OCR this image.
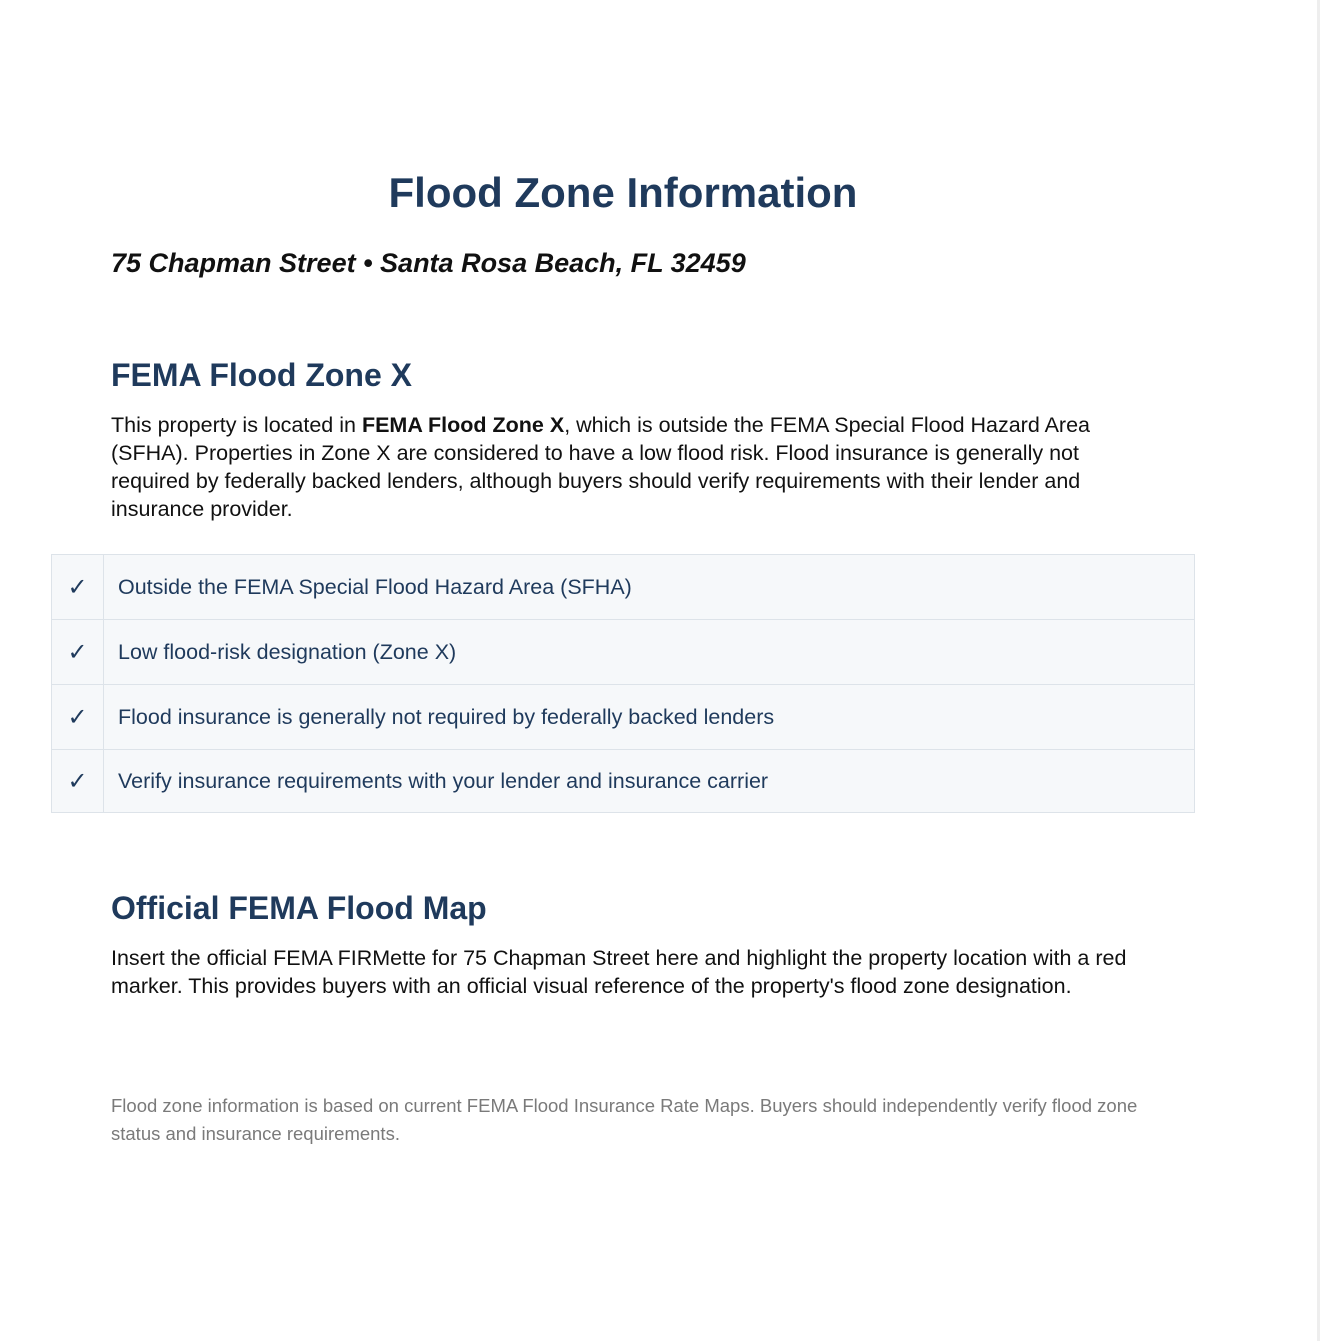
Flood Zone Information

75 Chapman Street • Santa Rosa Beach, FL 32459

FEMA Flood Zone X

This property is located in FEMA Flood Zone X, which is outside the FEMA Special Flood Hazard Area (SFHA). Properties in Zone X are considered to have a low flood risk. Flood insurance is generally not required by federally backed lenders, although buyers should verify requirements with their lender and insurance provider.

✓	Outside the FEMA Special Flood Hazard Area (SFHA)
✓	Low flood-risk designation (Zone X)
✓	Flood insurance is generally not required by federally backed lenders
✓	Verify insurance requirements with your lender and insurance carrier
Official FEMA Flood Map

Insert the official FEMA FIRMette for 75 Chapman Street here and highlight the property location with a red marker. This provides buyers with an official visual reference of the property's flood zone designation.

Flood zone information is based on current FEMA Flood Insurance Rate Maps. Buyers should independently verify flood zone status and insurance requirements.
